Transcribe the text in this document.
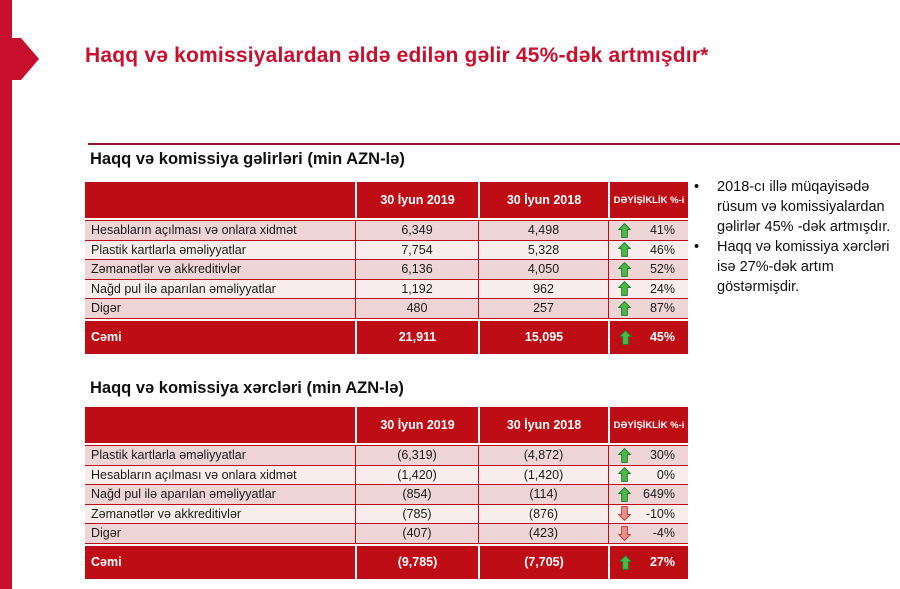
Haqq və komissiyalardan əldə edilən gəlir 45%-dək artmışdır*
Haqq və komissiya gəlirləri (min AZN-lə)
30 İyun 2019	30 İyun 2018	DƏYİŞİKLİK %-i
Hesabların açılması və onlara xidmət	6,349	4,498	41%
Plastik kartlarla əməliyyatlar	7,754	5,328	46%
Zəmanətlər və akkreditivlər	6,136	4,050	52%
Nağd pul ilə aparılan əməliyyatlar	1,192	962	24%
Digər	480	257	87%
Cəmi	21,911	15,095	45%
•	2018-cı illə müqayisədə rüsum və komissiyalardan gəlirlər 45% -dək artmışdır.
•	Haqq və komissiya xərcləri isə 27%-dək artım göstərmişdir.
Haqq və komissiya xərcləri (min AZN-lə)
30 İyun 2019	30 İyun 2018	DƏYİŞİKLİK %-i
Plastik kartlarla əməliyyatlar	(6,319)	(4,872)	30%
Hesabların açılması və onlara xidmət	(1,420)	(1,420)	0%
Nağd pul ilə aparılan əməliyyatlar	(854)	(114)	649%
Zəmanətlər və akkreditivlər	(785)	(876)	-10%
Digər	(407)	(423)	-4%
Cəmi	(9,785)	(7,705)	27%
